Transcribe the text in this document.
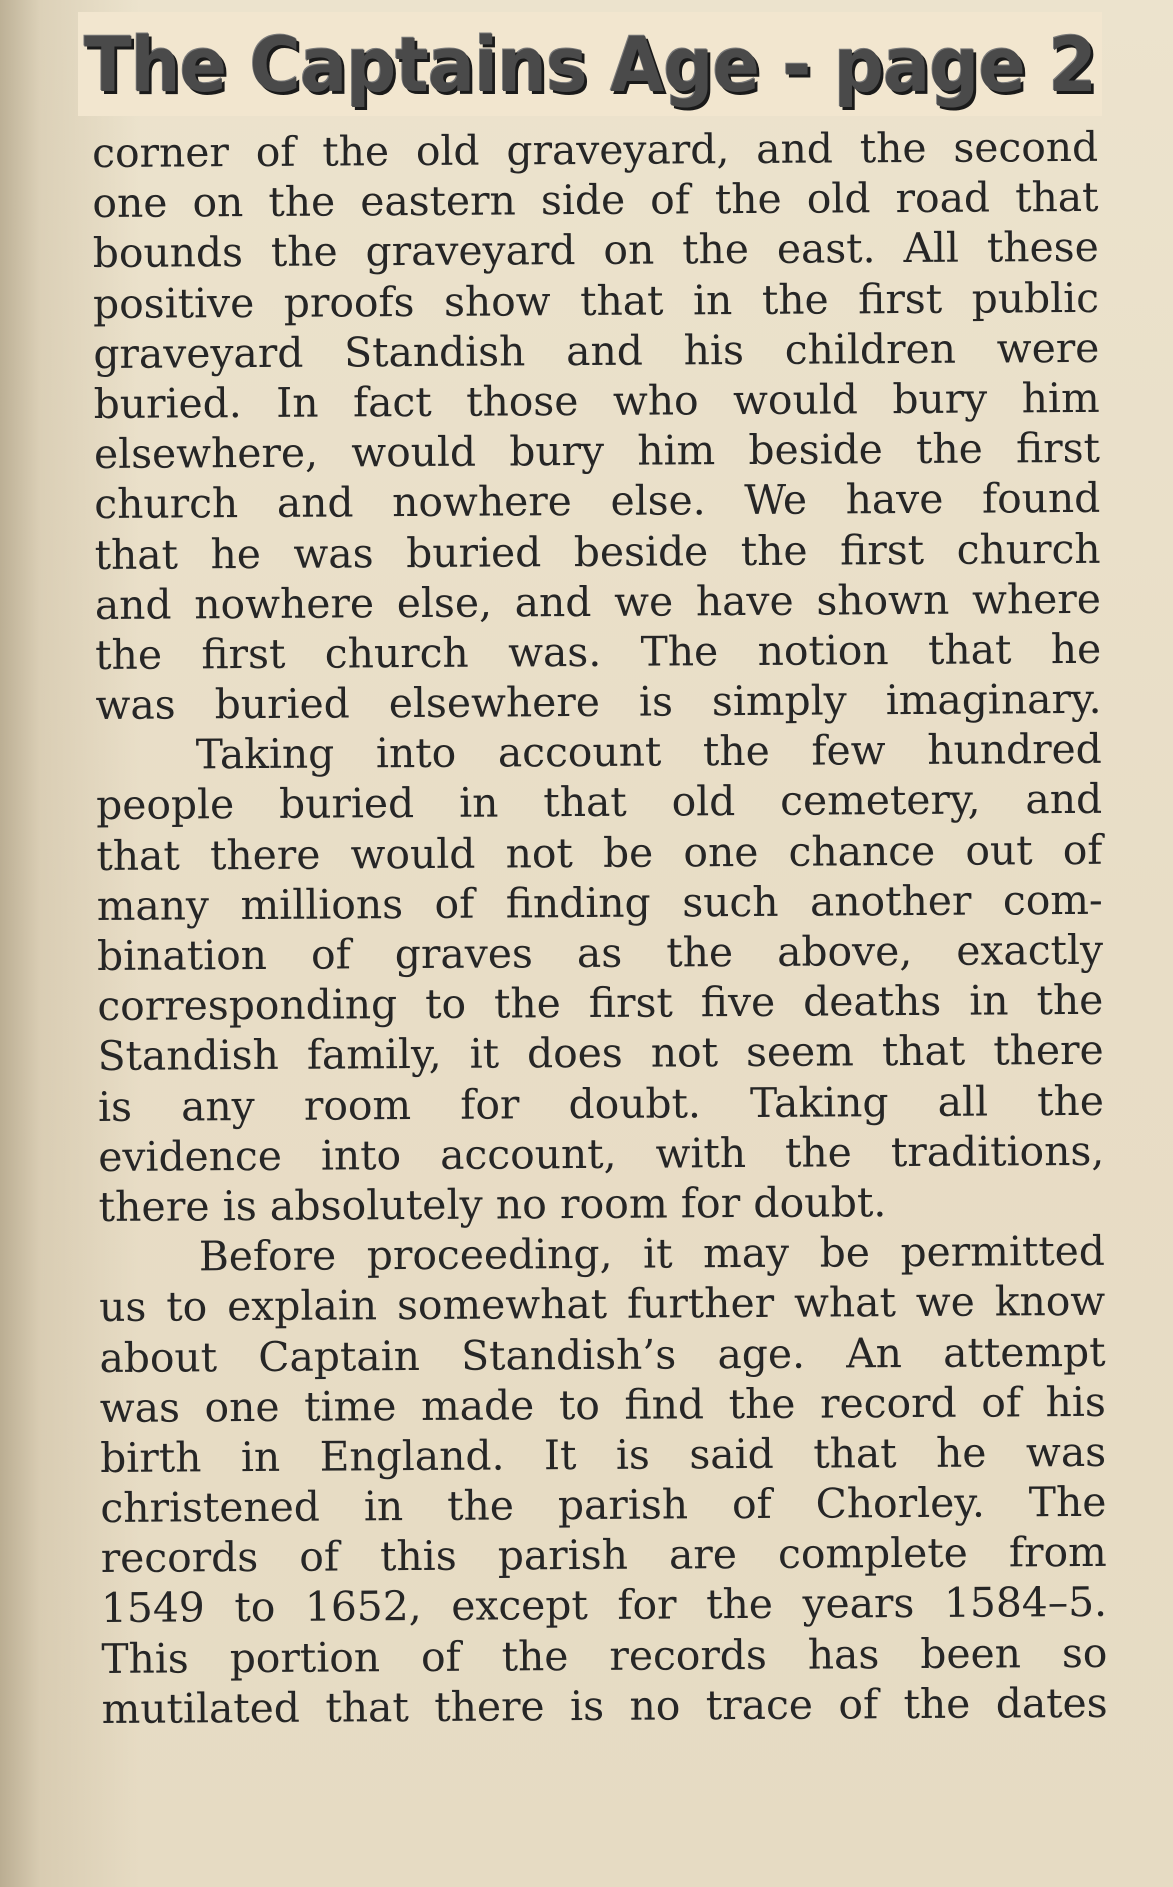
The Captains Age - page 2
corner of the old graveyard, and the second
one on the eastern side of the old road that
bounds the graveyard on the east. All these
positive proofs show that in the first public
graveyard Standish and his children were
buried. In fact those who would bury him
elsewhere, would bury him beside the first
church and nowhere else. We have found
that he was buried beside the first church
and nowhere else, and we have shown where
the first church was. The notion that he
was buried elsewhere is simply imaginary.
Taking into account the few hundred
people buried in that old cemetery, and
that there would not be one chance out of
many millions of finding such another com-
bination of graves as the above, exactly
corresponding to the first five deaths in the
Standish family, it does not seem that there
is any room for doubt. Taking all the
evidence into account, with the traditions,
there is absolutely no room for doubt.
Before proceeding, it may be permitted
us to explain somewhat further what we know
about Captain Standish’s age. An attempt
was one time made to find the record of his
birth in England. It is said that he was
christened in the parish of Chorley. The
records of this parish are complete from
1549 to 1652, except for the years 1584–5.
This portion of the records has been so
mutilated that there is no trace of the dates
